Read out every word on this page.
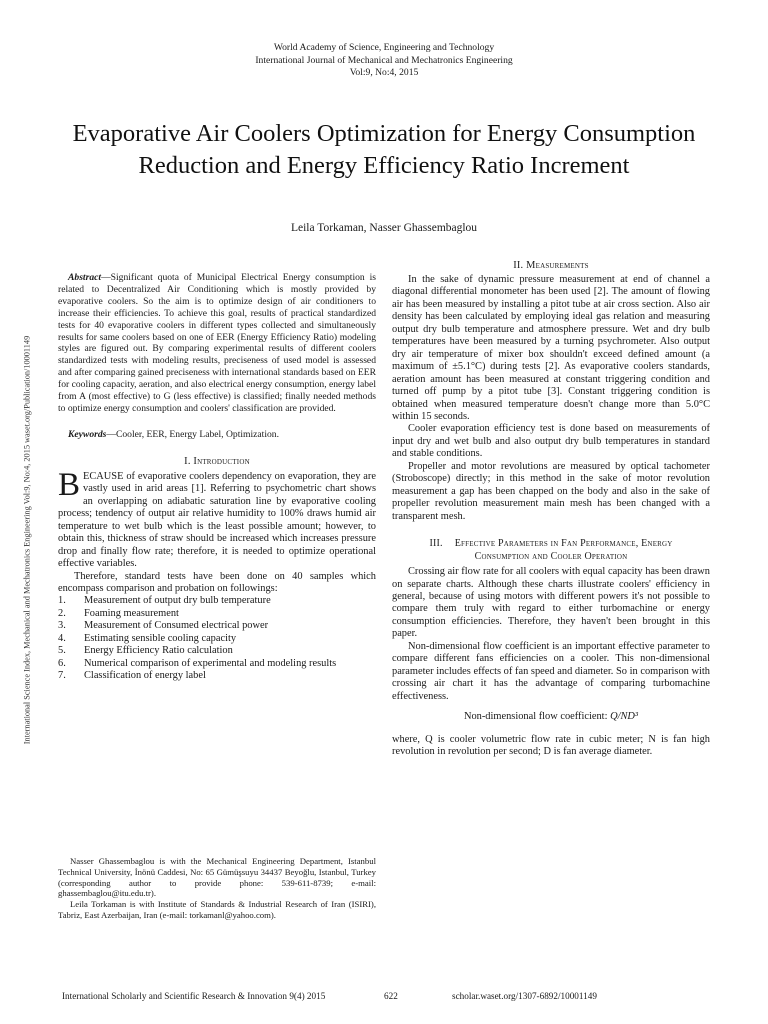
World Academy of Science, Engineering and Technology
International Journal of Mechanical and Mechatronics Engineering
Vol:9, No:4, 2015
Evaporative Air Coolers Optimization for Energy Consumption Reduction and Energy Efficiency Ratio Increment
Leila Torkaman, Nasser Ghassembaglou
International Science Index, Mechanical and Mechatronics Engineering Vol:9, No:4, 2015 waset.org/Publication/10001149

Abstract—Significant quota of Municipal Electrical Energy consumption is related to Decentralized Air Conditioning which is mostly provided by evaporative coolers. So the aim is to optimize design of air conditioners to increase their efficiencies. To achieve this goal, results of practical standardized tests for 40 evaporative coolers in different types collected and simultaneously results for same coolers based on one of EER (Energy Efficiency Ratio) modeling styles are figured out. By comparing experimental results of different coolers standardized tests with modeling results, preciseness of used model is assessed and after comparing gained preciseness with international standards based on EER for cooling capacity, aeration, and also electrical energy consumption, energy label from A (most effective) to G (less effective) is classified; finally needed methods to optimize energy consumption and coolers' classification are provided.

Keywords—Cooler, EER, Energy Label, Optimization.

I. Introduction

BECAUSE of evaporative coolers dependency on evaporation, they are vastly used in arid areas [1]. Referring to psychometric chart shows an overlapping on adiabatic saturation line by evaporative cooling process; tendency of output air relative humidity to 100% draws humid air temperature to wet bulb which is the least possible amount; however, to obtain this, thickness of straw should be increased which increases pressure drop and finally flow rate; therefore, it is needed to optimize operational effective variables.

Therefore, standard tests have been done on 40 samples which encompass comparison and probation on followings:

1. Measurement of output dry bulb temperature
2. Foaming measurement
3. Measurement of Consumed electrical power
4. Estimating sensible cooling capacity
5. Energy Efficiency Ratio calculation
6. Numerical comparison of experimental and modeling results
7. Classification of energy label

Nasser Ghassembaglou is with the Mechanical Engineering Department, Istanbul Technical University, İnönü Caddesi, No: 65 Gümüşsuyu 34437 Beyoğlu, Istanbul, Turkey (corresponding author to provide phone: 539-611-8739; e-mail: ghassembaglou@itu.edu.tr).

Leila Torkaman is with Institute of Standards & Industrial Research of Iran (ISIRI), Tabriz, East Azerbaijan, Iran (e-mail: torkamanl@yahoo.com).

II. Measurements

In the sake of dynamic pressure measurement at end of channel a diagonal differential monometer has been used [2]. The amount of flowing air has been measured by installing a pitot tube at air cross section. Also air density has been calculated by employing ideal gas relation and measuring output dry bulb temperature and atmosphere pressure. Wet and dry bulb temperatures have been measured by a turning psychrometer. Also output dry air temperature of mixer box shouldn't exceed defined amount (a maximum of ±5.1°C) during tests [2]. As evaporative coolers standards, aeration amount has been measured at constant triggering condition and turned off pump by a pitot tube [3]. Constant triggering condition is obtained when measured temperature doesn't change more than 5.0°C within 15 seconds.

Cooler evaporation efficiency test is done based on measurements of input dry and wet bulb and also output dry bulb temperatures in standard and stable conditions.

Propeller and motor revolutions are measured by optical tachometer (Stroboscope) directly; in this method in the sake of motor revolution measurement a gap has been chapped on the body and also in the sake of propeller revolution measurement main mesh has been changed with a transparent mesh.

III. Effective Parameters in Fan Performance, Energy
Consumption and Cooler Operation

Crossing air flow rate for all coolers with equal capacity has been drawn on separate charts. Although these charts illustrate coolers' efficiency in general, because of using motors with different powers it's not possible to compare them truly with regard to either turbomachine or energy consumption efficiencies. Therefore, they haven't been brought in this paper.

Non-dimensional flow coefficient is an important effective parameter to compare different fans efficiencies on a cooler. This non-dimensional parameter includes effects of fan speed and diameter. So in comparison with crossing air chart it has the advantage of comparing turbomachine effectiveness.

Non-dimensional flow coefficient: Q/ND³

where, Q is cooler volumetric flow rate in cubic meter; N is fan high revolution in revolution per second; D is fan average diameter.

International Scholarly and Scientific Research & Innovation 9(4) 2015	622	scholar.waset.org/1307-6892/10001149
